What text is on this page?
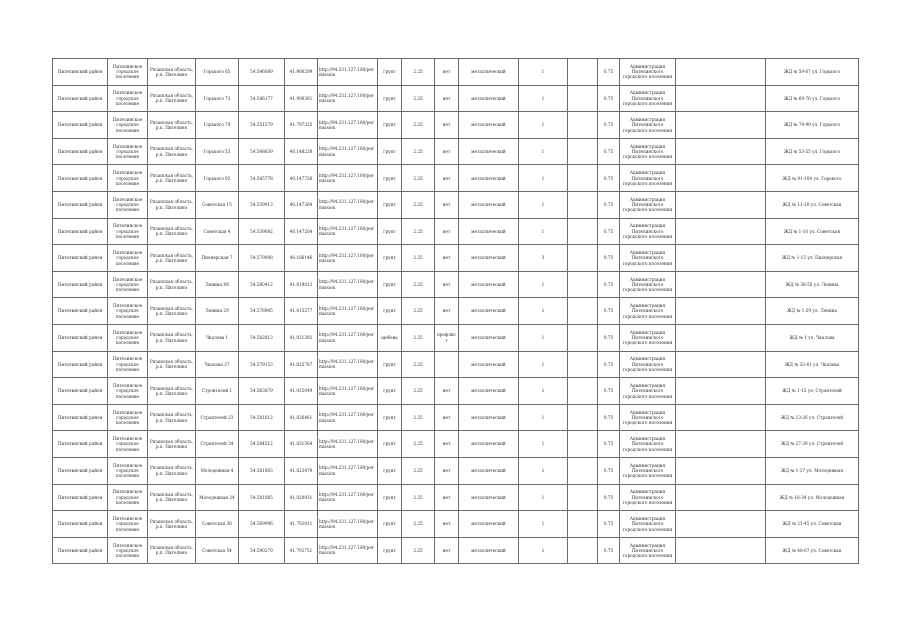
Пителинский район	Пителинское городское поселение	Рязанская область, р.п. Пителино	Горького 65	54.546889	41.906299	http://94.231.127.180/permission	грунт	2.25	нет	металлический	1		0.75	Администрация Пителинского городского поселения		ЖД № 59-67 ул. Горького
Пителинский район	Пителинское городское поселение	Рязанская область, р.п. Пителино	Горького 73	54.546177	41.906361	http://94.231.127.180/permission	грунт	2.25	нет	металлический	1		0.75	Администрация Пителинского городского поселения		ЖД № 69-76 ул. Горького
Пителинский район	Пителинское городское поселение	Рязанская область, р.п. Пителино	Горького 79	54.551279	41.797325	http://94.231.127.180/permission	грунт	2.25	нет	металлический	1		0.75	Администрация Пителинского городского поселения		ЖД № 79-99 ул. Горького
Пителинский район	Пителинское городское поселение	Рязанская область, р.п. Пителино	Горького 53	54.548639	40.148238	http://94.231.127.180/permission	грунт	2.25	нет	металлический	1		0.75	Администрация Пителинского городского поселения		ЖД № 53-55 ул. Горького
Пителинский район	Пителинское городское поселение	Рязанская область, р.п. Пителино	Горького 92	54.545778	40.147726	http://94.231.127.180/permission	грунт	2.25	нет	металлический	1		0.75	Администрация Пителинского городского поселения		ЖД № 91-104 ул. Горького
Пителинский район	Пителинское городское поселение	Рязанская область, р.п. Пителино	Советская 15	54.539913	40.147264	http://94.231.127.180/permission	грунт	2.25	нет	металлический	1		0.75	Администрация Пителинского городского поселения		ЖД № 11-20 ул. Советская
Пителинский район	Пителинское городское поселение	Рязанская область, р.п. Пителино	Советская 4	54.539692	40.147204	http://94.231.127.180/permission	грунт	2.25	нет	металлический	1		0.75	Администрация Пителинского городского поселения		ЖД № 1-10 ул. Советская
Пителинский район	Пителинское городское поселение	Рязанская область, р.п. Пителино	Пионерская 7	54.579008	40.186146	http://94.231.127.180/permission	грунт	2.25	нет	металлический	3		0.75	Администрация Пителинского городского поселения		ЖД № 1-15 ул. Пионерская
Пителинский район	Пителинское городское поселение	Рязанская область, р.п. Пителино	Ленина 48	54.580412	41.819012	http://94.231.127.180/permission	грунт	2.25	нет	металлический	1		0.75	Администрация Пителинского городского поселения		ЖД № 38-50 ул. Ленина
Пителинский район	Пителинское городское поселение	Рязанская область, р.п. Пителино	Ленина 29	54.578905	41.815277	http://94.231.127.180/permission	грунт	2.25	нет	металлический	1		0.75	Администрация Пителинского городского поселения		ЖД № 1-29 ул. Ленина
Пителинский район	Пителинское городское поселение	Рязанская область, р.п. Пителино	Чкалова 1	54.582813	41.921392	http://94.231.127.180/permission	щебень	2.25	профлист	металлический	1		0.75	Администрация Пителинского городского поселения		ЖД № 1 ул. Чкалова
Пителинский район	Пителинское городское поселение	Рязанская область, р.п. Пителино	Чкалова 37	54.579153	41.825787	http://94.231.127.180/permission	грунт	2.25		металлический	1		0.75	Администрация Пителинского городского поселения		ЖД № 32-41 ул. Чкалова
Пителинский район	Пителинское городское поселение	Рязанская область, р.п. Пителино	Строителей 1	54.563879	41.925049	http://94.231.127.180/permission	грунт	2.25	нет	металлический	1		0.75	Администрация Пителинского городского поселения		ЖД № 1-12 ул. Строителей
Пителинский район	Пителинское городское поселение	Рязанская область, р.п. Пителино	Строителей 23	54.581612	41.826461	http://94.231.127.180/permission	грунт	2.25	нет	металлический	1		0.75	Администрация Пителинского городского поселения		ЖД № 13-26 ул. Строителей
Пителинский район	Пителинское городское поселение	Рязанская область, р.п. Пителино	Строителей 34	54.584512	41.831564	http://94.231.127.180/permission	грунт	2.25	нет	металлический	1		0.75	Администрация Пителинского городского поселения		ЖД № 27-39 ул. Строителей
Пителинский район	Пителинское городское поселение	Рязанская область, р.п. Пителино	Молодежная 4	54.581803	41.823479	http://94.231.127.180/permission	грунт	2.25	нет	металлический	1		0.75	Администрация Пителинского городского поселения		ЖД № 1-17 ул. Молодежная
Пителинский район	Пителинское городское поселение	Рязанская область, р.п. Пителино	Молодежная 24	54.581985	41.820931	http://94.231.127.180/permission	грунт	2.25	нет	металлический	1		0.75	Администрация Пителинского городского поселения		ЖД № 18-34 ул. Молодежная
Пителинский район	Пителинское городское поселение	Рязанская область, р.п. Пителино	Советская 30	54.569996	41.792911	http://94.231.127.180/permission	грунт	2.25	нет	металлический	1		0.75	Администрация Пителинского городского поселения		ЖД № 21-45 ул. Советская
Пителинский район	Пителинское городское поселение	Рязанская область, р.п. Пителино	Советская 54	54.590270	41.792751	http://94.231.127.180/permission	грунт	2.25	нет	металлический	1		0.75	Администрация Пителинского городского поселения		ЖД № 48-67 ул. Советская
